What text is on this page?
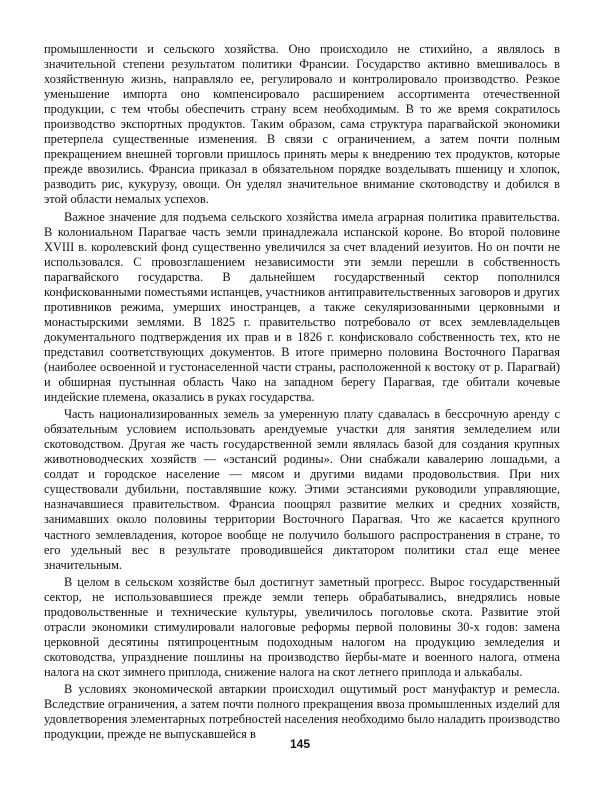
промышленности и сельского хозяйства. Оно происходило не стихийно, а являлось в значительной степени результатом политики Франсии. Государство активно вмешивалось в хозяйственную жизнь, направляло ее, регулировало и контролировало производство. Резкое уменьшение импорта оно компенсировало расширением ассортимента отечественной продукции, с тем чтобы обеспечить страну всем необходимым. В то же время сократилось производство экспортных продуктов. Таким образом, сама структура парагвайской экономики претерпела существенные изменения. В связи с ограничением, а затем почти полным прекращением внешней торговли пришлось принять меры к внедрению тех продуктов, которые прежде ввозились. Франсиа приказал в обязательном порядке возделывать пшеницу и хлопок, разводить рис, кукурузу, овощи. Он уделял значительное внимание скотоводству и добился в этой области немалых успехов.

Важное значение для подъема сельского хозяйства имела аграрная политика правительства. В колониальном Парагвае часть земли принадлежала испанской короне. Во второй половине XVIII в. королевский фонд существенно увеличился за счет владений иезуитов. Но он почти не использовался. С провозглашением независимости эти земли перешли в собственность парагвайского государства. В дальнейшем государственный сектор пополнился конфискованными поместьями испанцев, участников антиправительственных заговоров и других противников режима, умерших иностранцев, а также секуляризованными церковными и монастырскими землями. В 1825 г. правительство потребовало от всех землевладельцев документального подтверждения их прав и в 1826 г. конфисковало собственность тех, кто не представил соответствующих документов. В итоге примерно половина Восточного Парагвая (наиболее освоенной и густонаселенной части страны, расположенной к востоку от р. Парагвай) и обширная пустынная область Чако на западном берегу Парагвая, где обитали кочевые индейские племена, оказались в руках государства.

Часть национализированных земель за умеренную плату сдавалась в бессрочную аренду с обязательным условием использовать арендуемые участки для занятия земледелием или скотоводством. Другая же часть государственной земли являлась базой для создания крупных животноводческих хозяйств — «эстансий родины». Они снабжали кавалерию лошадьми, а солдат и городское население — мясом и другими видами продовольствия. При них существовали дубильни, поставлявшие кожу. Этими эстансиями руководили управляющие, назначавшиеся правительством. Франсиа поощрял развитие мелких и средних хозяйств, занимавших около половины территории Восточного Парагвая. Что же касается крупного частного землевладения, которое вообще не получило большого распространения в стране, то его удельный вес в результате проводившейся диктатором политики стал еще менее значительным.

В целом в сельском хозяйстве был достигнут заметный прогресс. Вырос государственный сектор, не использовавшиеся прежде земли теперь обрабатывались, внедрялись новые продовольственные и технические культуры, увеличилось поголовье скота. Развитие этой отрасли экономики стимулировали налоговые реформы первой половины 30-х годов: замена церковной десятины пятипроцентным подоходным налогом на продукцию земледелия и скотоводства, упразднение пошлины на производство йербы-мате и военного налога, отмена налога на скот зимнего приплода, снижение налога на скот летнего приплода и алькабалы.

В условиях экономической автаркии происходил ощутимый рост мануфактур и ремесла. Вследствие ограничения, а затем почти полного прекращения ввоза промышленных изделий для удовлетворения элементарных потребностей населения необходимо было наладить производство продукции, прежде не выпускавшейся в

145
